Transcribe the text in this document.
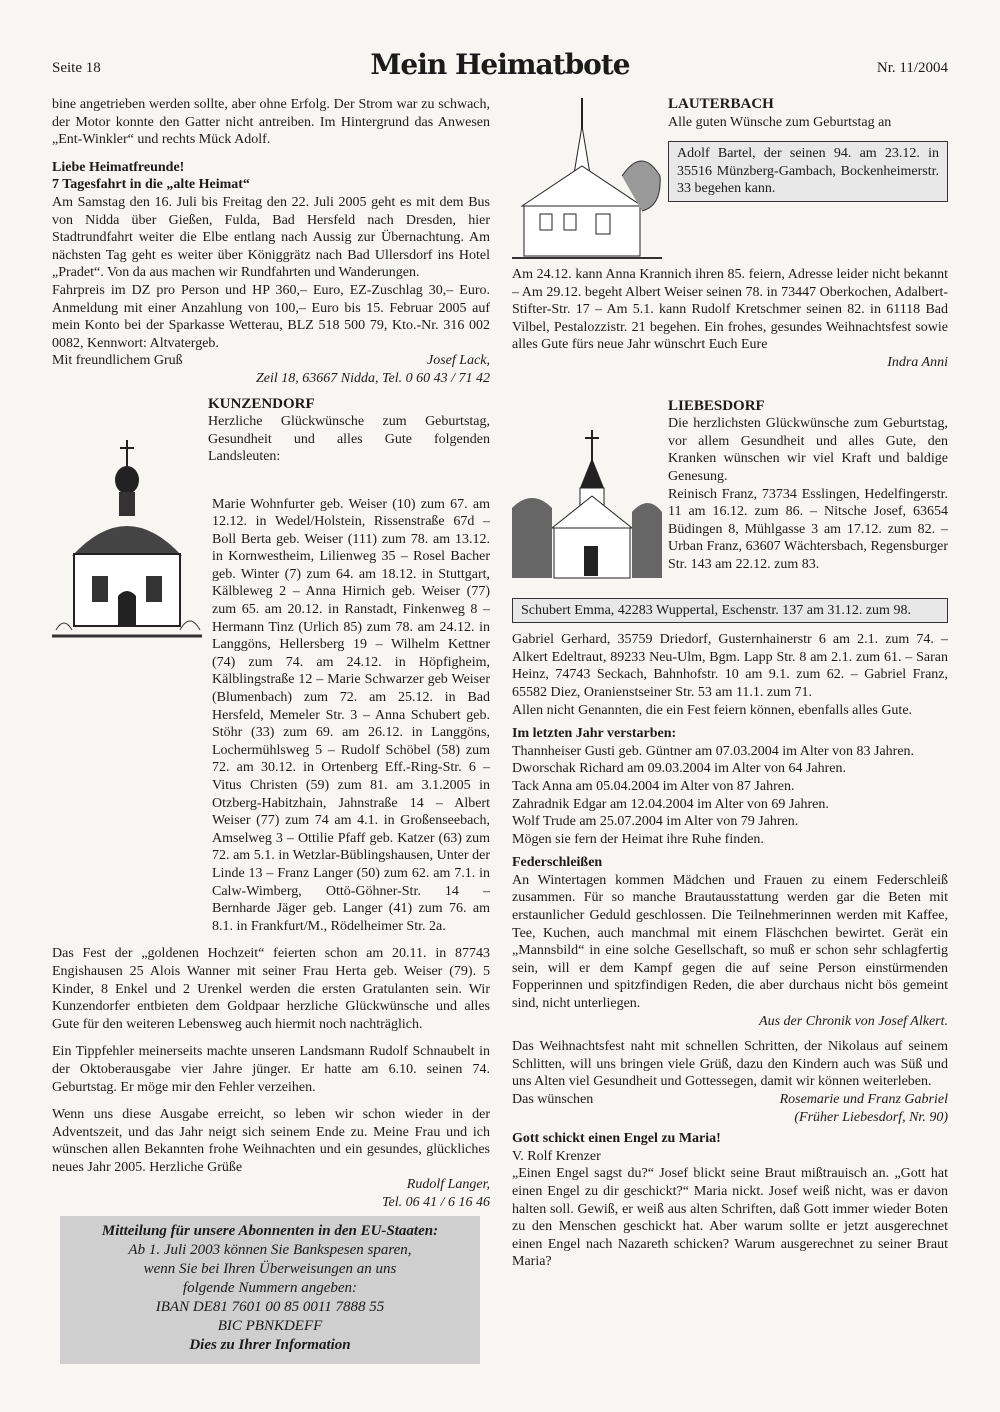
Seite 18	Mein Heimatbote	Nr. 11/2004

bine angetrieben werden sollte, aber ohne Erfolg. Der Strom war zu schwach, der Motor konnte den Gatter nicht antreiben. Im Hintergrund das Anwesen „Ent-Winkler“ und rechts Mück Adolf.

Liebe Heimatfreunde!

7 Tagesfahrt in die „alte Heimat“

Am Samstag den 16. Juli bis Freitag den 22. Juli 2005 geht es mit dem Bus von Nidda über Gießen, Fulda, Bad Hersfeld nach Dresden, hier Stadtrundfahrt weiter die Elbe entlang nach Aussig zur Übernachtung. Am nächsten Tag geht es weiter über Königgrätz nach Bad Ullersdorf ins Hotel „Pradet“. Von da aus machen wir Rundfahrten und Wanderungen.

Fahrpreis im DZ pro Person und HP 360,– Euro, EZ-Zuschlag 30,– Euro. Anmeldung mit einer Anzahlung von 100,– Euro bis 15. Februar 2005 auf mein Konto bei der Sparkasse Wetterau, BLZ 518 500 79, Kto.-Nr. 316 002 0082, Kennwort: Altvatergeb.

Mit freundlichem Gruß	Josef Lack,

Zeil 18, 63667 Nidda, Tel. 0 60 43 / 71 42

KUNZENDORF

Herzliche Glückwünsche zum Geburtstag, Gesundheit und alles Gute folgenden Landsleuten:

Marie Wohnfurter geb. Weiser (10) zum 67. am 12.12. in Wedel/Holstein, Rissenstraße 67d – Boll Berta geb. Weiser (111) zum 78. am 13.12. in Kornwestheim, Lilienweg 35 – Rosel Bacher geb. Winter (7) zum 64. am 18.12. in Stuttgart, Kälbleweg 2 – Anna Hirnich geb. Weiser (77) zum 65. am 20.12. in Ranstadt, Finkenweg 8 – Hermann Tinz (Urlich 85) zum 78. am 24.12. in Langgöns, Hellersberg 19 – Wilhelm Kettner (74) zum 74. am 24.12. in Höpfigheim, Kälblingstraße 12 – Marie Schwarzer geb Weiser (Blumenbach) zum 72. am 25.12. in Bad Hersfeld, Memeler Str. 3 – Anna Schubert geb. Stöhr (33) zum 69. am 26.12. in Langgöns, Lochermühlsweg 5 – Rudolf Schöbel (58) zum 72. am 30.12. in Ortenberg Eff.-Ring-Str. 6 – Vitus Christen (59) zum 81. am 3.1.2005 in Otzberg-Habitzhain, Jahnstraße 14 – Albert Weiser (77) zum 74 am 4.1. in Großenseebach, Amselweg 3 – Ottilie Pfaff geb. Katzer (63) zum 72. am 5.1. in Wetzlar-Büblingshausen, Unter der Linde 13 – Franz Langer (50) zum 62. am 7.1. in Calw-Wimberg, Ottö-Göhner-Str. 14 – Bernharde Jäger geb. Langer (41) zum 76. am 8.1. in Frankfurt/M., Rödelheimer Str. 2a.

Das Fest der „goldenen Hochzeit“ feierten schon am 20.11. in 87743 Engishausen 25 Alois Wanner mit seiner Frau Herta geb. Weiser (79). 5 Kinder, 8 Enkel und 2 Urenkel werden die ersten Gratulanten sein. Wir Kunzendorfer entbieten dem Goldpaar herzliche Glückwünsche und alles Gute für den weiteren Lebensweg auch hiermit noch nachträglich.

Ein Tippfehler meinerseits machte unseren Landsmann Rudolf Schnaubelt in der Oktoberausgabe vier Jahre jünger. Er hatte am 6.10. seinen 74. Geburtstag. Er möge mir den Fehler verzeihen.

Wenn uns diese Ausgabe erreicht, so leben wir schon wieder in der Adventszeit, und das Jahr neigt sich seinem Ende zu. Meine Frau und ich wünschen allen Bekannten frohe Weihnachten und ein gesundes, glückliches neues Jahr 2005. Herzliche Grüße

Rudolf Langer,

Tel. 06 41 / 6 16 46

Mitteilung für unsere Abonnenten in den EU-Staaten:
Ab 1. Juli 2003 können Sie Bankspesen sparen,
wenn Sie bei Ihren Überweisungen an uns
folgende Nummern angeben:
IBAN DE81 7601 00 85 0011 7888 55
BIC PBNKDEFF
Dies zu Ihrer Information

LAUTERBACH

Alle guten Wünsche zum Geburtstag an

Adolf Bartel, der seinen 94. am 23.12. in 35516 Münzberg-Gambach, Bockenheimerstr. 33 begehen kann.

Am 24.12. kann Anna Krannich ihren 85. feiern, Adresse leider nicht bekannt – Am 29.12. begeht Albert Weiser seinen 78. in 73447 Oberkochen, Adalbert-Stifter-Str. 17 – Am 5.1. kann Rudolf Kretschmer seinen 82. in 61118 Bad Vilbel, Pestalozzistr. 21 begehen. Ein frohes, gesundes Weihnachtsfest sowie alles Gute fürs neue Jahr wünschrt Euch Eure

Indra Anni

LIEBESDORF

Die herzlichsten Glückwünsche zum Geburtstag, vor allem Gesundheit und alles Gute, den Kranken wünschen wir viel Kraft und baldige Genesung.

Reinisch Franz, 73734 Esslingen, Hedelfingerstr. 11 am 16.12. zum 86. – Nitsche Josef, 63654 Büdingen 8, Mühlgasse 3 am 17.12. zum 82. – Urban Franz, 63607 Wächtersbach, Regensburger Str. 143 am 22.12. zum 83.

Schubert Emma, 42283 Wuppertal, Eschenstr. 137 am 31.12. zum 98.

Gabriel Gerhard, 35759 Driedorf, Gusternhainerstr 6 am 2.1. zum 74. – Alkert Edeltraut, 89233 Neu-Ulm, Bgm. Lapp Str. 8 am 2.1. zum 61. – Saran Heinz, 74743 Seckach, Bahnhofstr. 10 am 9.1. zum 62. – Gabriel Franz, 65582 Diez, Oranienstseiner Str. 53 am 11.1. zum 71.

Allen nicht Genannten, die ein Fest feiern können, ebenfalls alles Gute.

Im letzten Jahr verstarben:

Thannheiser Gusti geb. Güntner am 07.03.2004 im Alter von 83 Jahren.

Dworschak Richard am 09.03.2004 im Alter von 64 Jahren.

Tack Anna am 05.04.2004 im Alter von 87 Jahren.

Zahradnik Edgar am 12.04.2004 im Alter von 69 Jahren.

Wolf Trude am 25.07.2004 im Alter von 79 Jahren.

Mögen sie fern der Heimat ihre Ruhe finden.

Federschleißen

An Wintertagen kommen Mädchen und Frauen zu einem Federschleiß zusammen. Für so manche Brautausstattung werden gar die Beten mit erstaunlicher Geduld geschlossen. Die Teilnehmerinnen werden mit Kaffee, Tee, Kuchen, auch manchmal mit einem Fläschchen bewirtet. Gerät ein „Mannsbild“ in eine solche Gesellschaft, so muß er schon sehr schlagfertig sein, will er dem Kampf gegen die auf seine Person einstürmenden Fopperinnen und spitzfindigen Reden, die aber durchaus nicht bös gemeint sind, nicht unterliegen.

Aus der Chronik von Josef Alkert.

Das Weihnachtsfest naht mit schnellen Schritten, der Nikolaus auf seinem Schlitten, will uns bringen viele Grüß, dazu den Kindern auch was Süß und uns Alten viel Gesundheit und Gottessegen, damit wir können weiterleben.

Das wünschen	Rosemarie und Franz Gabriel

(Früher Liebesdorf, Nr. 90)

Gott schickt einen Engel zu Maria!

V. Rolf Krenzer

„Einen Engel sagst du?“ Josef blickt seine Braut mißtrauisch an. „Gott hat einen Engel zu dir geschickt?“ Maria nickt. Josef weiß nicht, was er davon halten soll. Gewiß, er weiß aus alten Schriften, daß Gott immer wieder Boten zu den Menschen geschickt hat. Aber warum sollte er jetzt ausgerechnet einen Engel nach Nazareth schicken? Warum ausgerechnet zu seiner Braut Maria?
